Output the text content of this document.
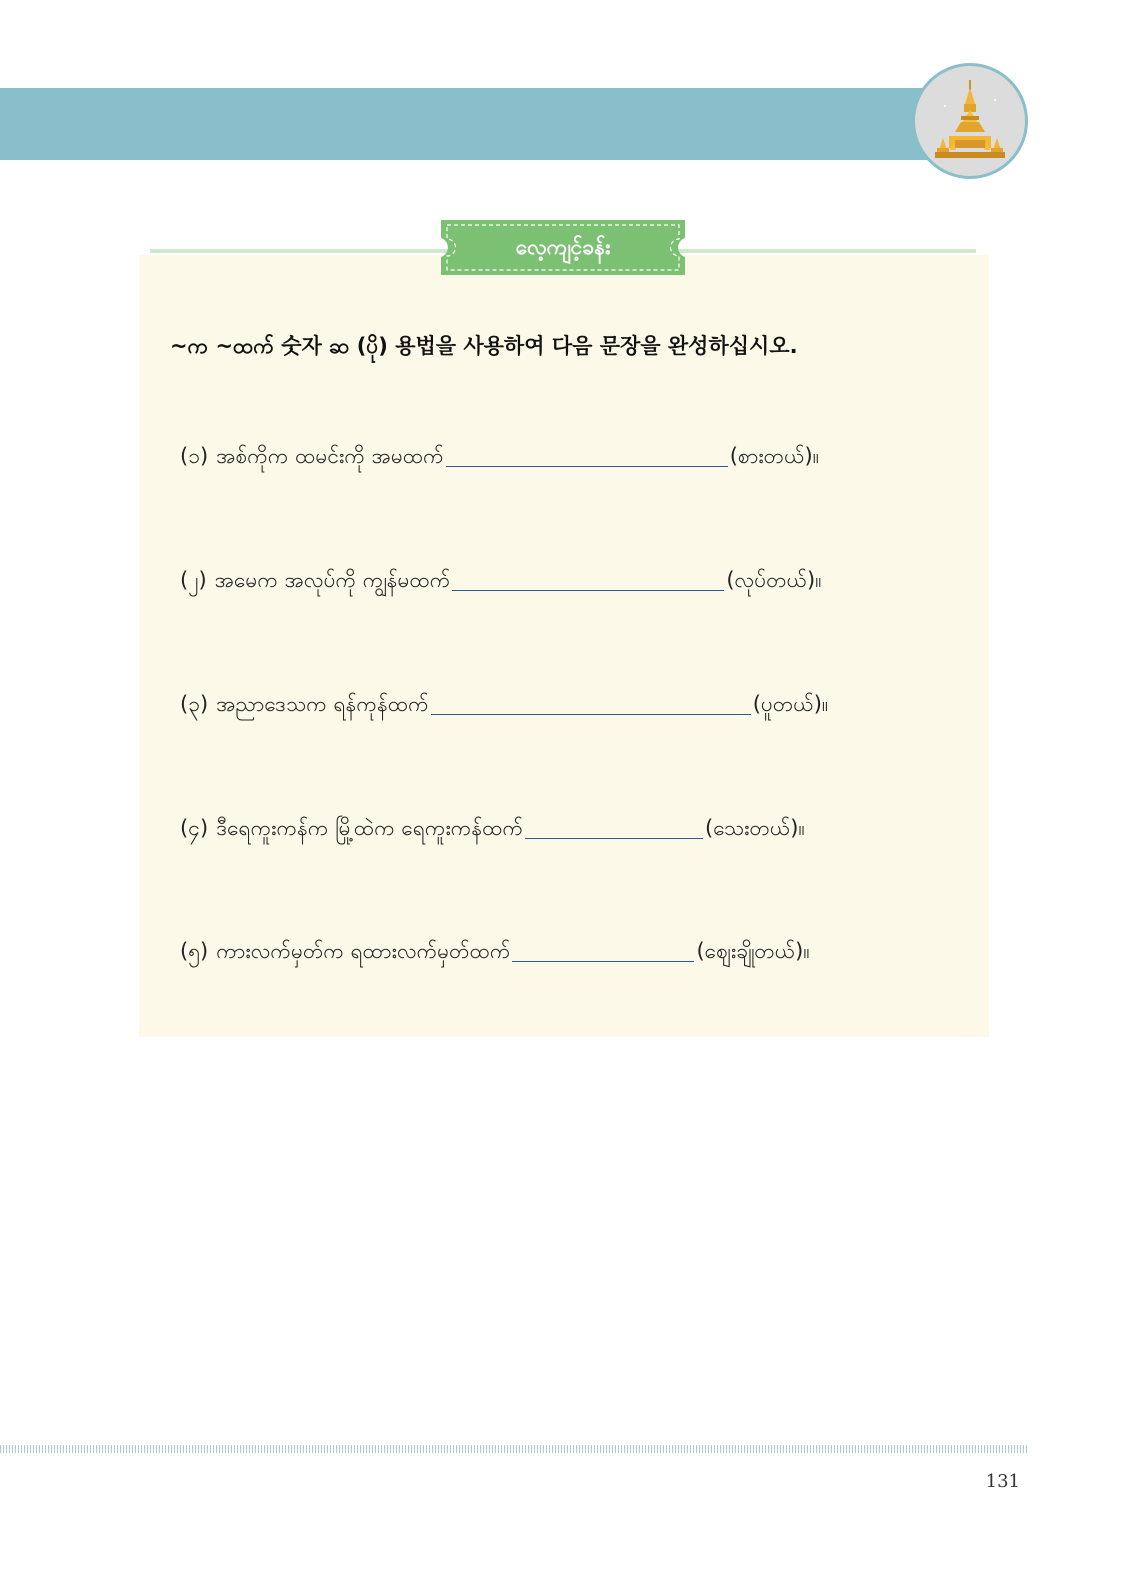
လေ့ကျင့်ခန်း
~က ~ထက် 숫자 ဆ (ပို) 용법을 사용하여 다음 문장을 완성하십시오.
(၁) အစ်ကိုက ထမင်းကို အမထက်	(စားတယ်)။
(၂) အမေက အလုပ်ကို ကျွန်မထက်	(လုပ်တယ်)။
(၃) အညာဒေသက ရန်ကုန်ထက်	(ပူတယ်)။
(၄) ဒီရေကူးကန်က မြို့ထဲက ရေကူးကန်ထက်	(သေးတယ်)။
(၅) ကားလက်မှတ်က ရထားလက်မှတ်ထက်	(ဈေးချိုတယ်)။
131
